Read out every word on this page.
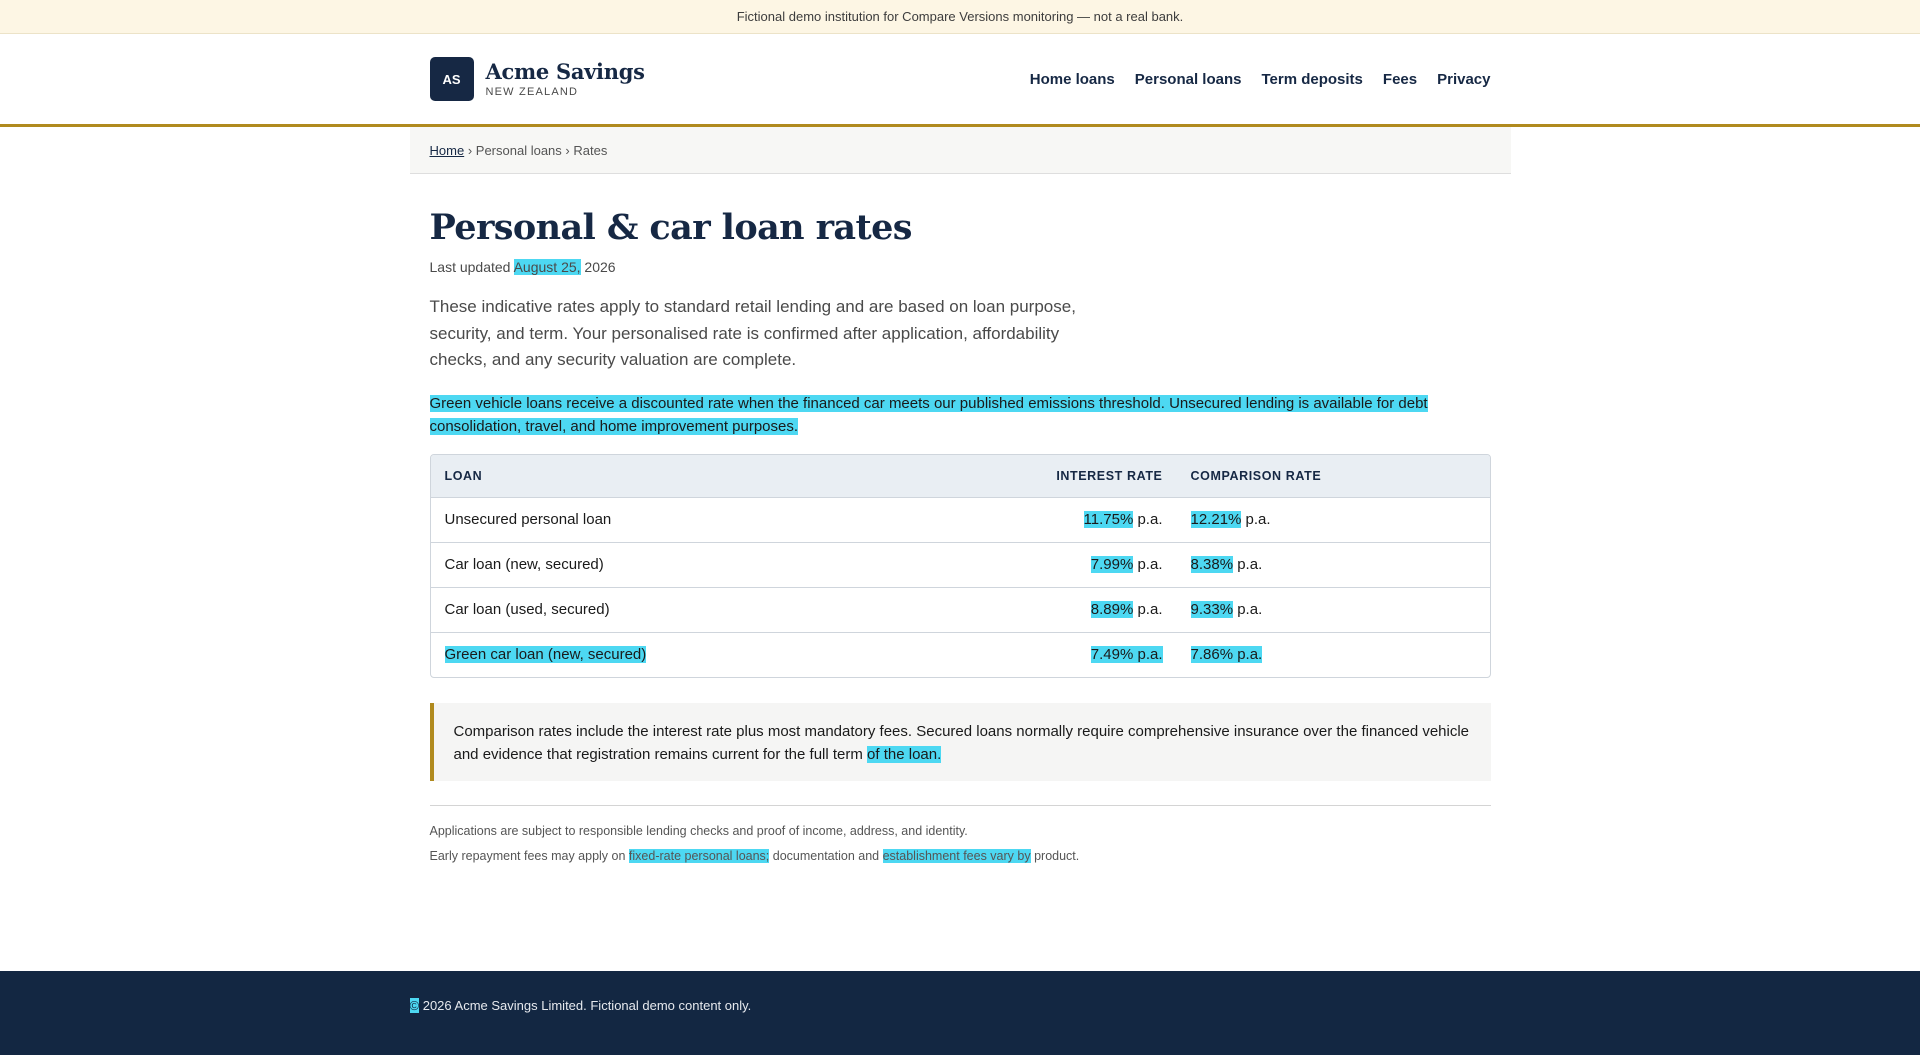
Fictional demo institution for Compare Versions monitoring — not a real bank.
AS Acme Savings
NEW ZEALAND
Home loans Personal loans Term deposits Fees Privacy
Home › Personal loans › Rates
Personal & car loan rates
Last updated August 25, 2026

These indicative rates apply to standard retail lending and are based on loan purpose, security, and term. Your personalised rate is confirmed after application, affordability checks, and any security valuation are complete.

Green vehicle loans receive a discounted rate when the financed car meets our published emissions threshold. Unsecured lending is available for debt consolidation, travel, and home improvement purposes.

LOAN	INTEREST RATE	COMPARISON RATE
Unsecured personal loan	11.75% p.a.	12.21% p.a.
Car loan (new, secured)	7.99% p.a.	8.38% p.a.
Car loan (used, secured)	8.89% p.a.	9.33% p.a.
Green car loan (new, secured)	7.49% p.a.	7.86% p.a.
Comparison rates include the interest rate plus most mandatory fees. Secured loans normally require comprehensive insurance over the financed vehicle and evidence that registration remains current for the full term of the loan.

Applications are subject to responsible lending checks and proof of income, address, and identity.

Early repayment fees may apply on fixed-rate personal loans; documentation and establishment fees vary by product.

© 2026 Acme Savings Limited. Fictional demo content only.
